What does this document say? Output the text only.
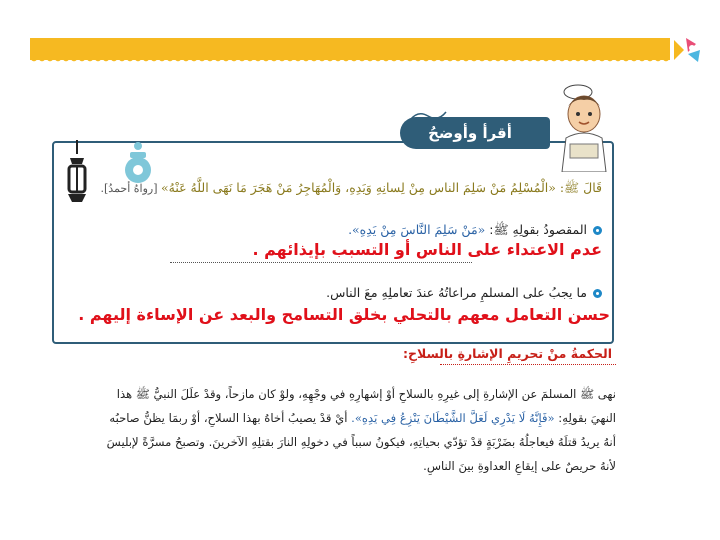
أقرأ وأوضحُ
قَالَ ﷺ: «الْمُسْلِمُ مَنْ سَلِمَ الناس مِنْ لِسانِهِ وَيَدِهِ، وَالْمُهَاجِرُ مَنْ هَجَرَ مَا نَهَى اللَّهُ عَنْهُ» [رواهُ أحمدُ].
المقصودُ بقولِهِ ﷺ: «مَنْ سَلِمَ النَّاسَ مِنْ يَدِهِ».
عدم الاعتداء على الناس أو التسبب بإيذائهم .
ما يجبُ على المسلمِ مراعاتُهُ عندَ تعاملِهِ معَ الناس.
حسن التعامل معهم بالتحلي بخلق التسامح والبعد عن الإساءة إليهم .
الحكمةُ منْ تحريمِ الإشارةِ بالسلاحِ:
نهى ﷺ المسلمَ عن الإشارةِ إلى غيرِهِ بالسلاحِ أوْ إشهارِهِ في وجْهِهِ، ولوْ كان مازحاً، وقدْ علَلَ النبيُّ ﷺ هذا
النهيَ بقولِهِ: «فَإِنَّهُ لَا يَدْرِي لَعَلَّ الشَّيْطَانَ يَنْزِعُ فِي يَدِهِ». أيْ قدْ يصيبُ أخاهُ بهذا السلاحِ، أوْ ربمَا يظنُّ صاحبُه
أنهُ يريدُ قتلَهُ فيعاجلُهُ بضَرْبَةٍ قدْ تؤدّي بحياتِهِ، فيكونُ سبباً في دخولِهِ النارَ بقتلِهِ الآخرينَ. وتصبحُ مسرَّةً لإبليسَ
لأنهُ حريصٌ على إيقاعِ العداوةِ بينَ الناسِ.
